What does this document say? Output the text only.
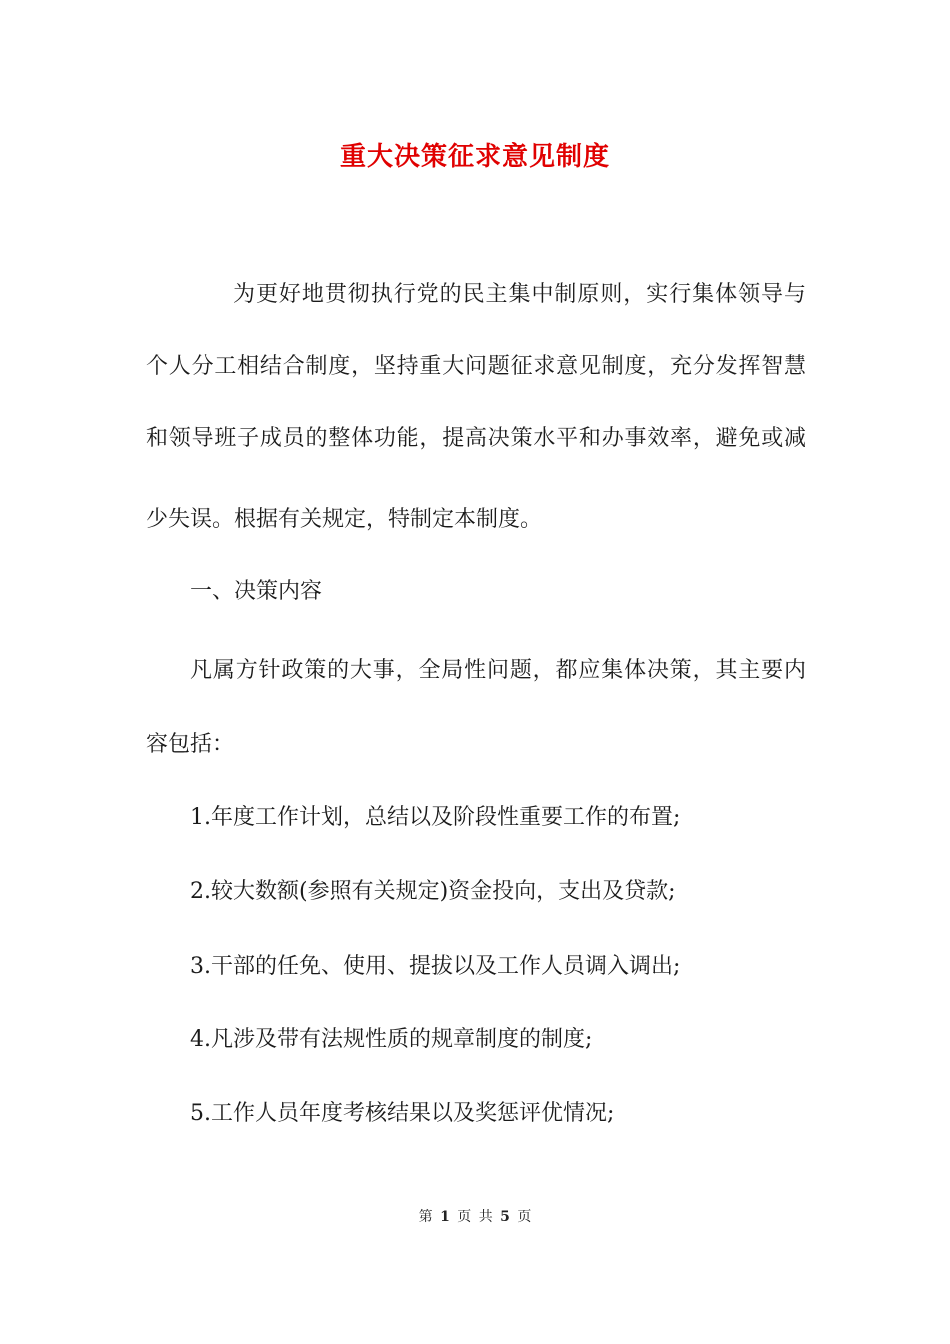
重大决策征求意见制度
为更好地贯彻执行党的民主集中制原则，实行集体领导与
个人分工相结合制度，坚持重大问题征求意见制度，充分发挥智慧
和领导班子成员的整体功能，提高决策水平和办事效率，避免或减
少失误。根据有关规定，特制定本制度。
一、决策内容
凡属方针政策的大事，全局性问题，都应集体决策，其主要内
容包括：
1.年度工作计划，总结以及阶段性重要工作的布置;
2.较大数额(参照有关规定)资金投向，支出及贷款;
3.干部的任免、使用、提拔以及工作人员调入调出;
4.凡涉及带有法规性质的规章制度的制度;
5.工作人员年度考核结果以及奖惩评优情况;
第 1 页 共 5 页
